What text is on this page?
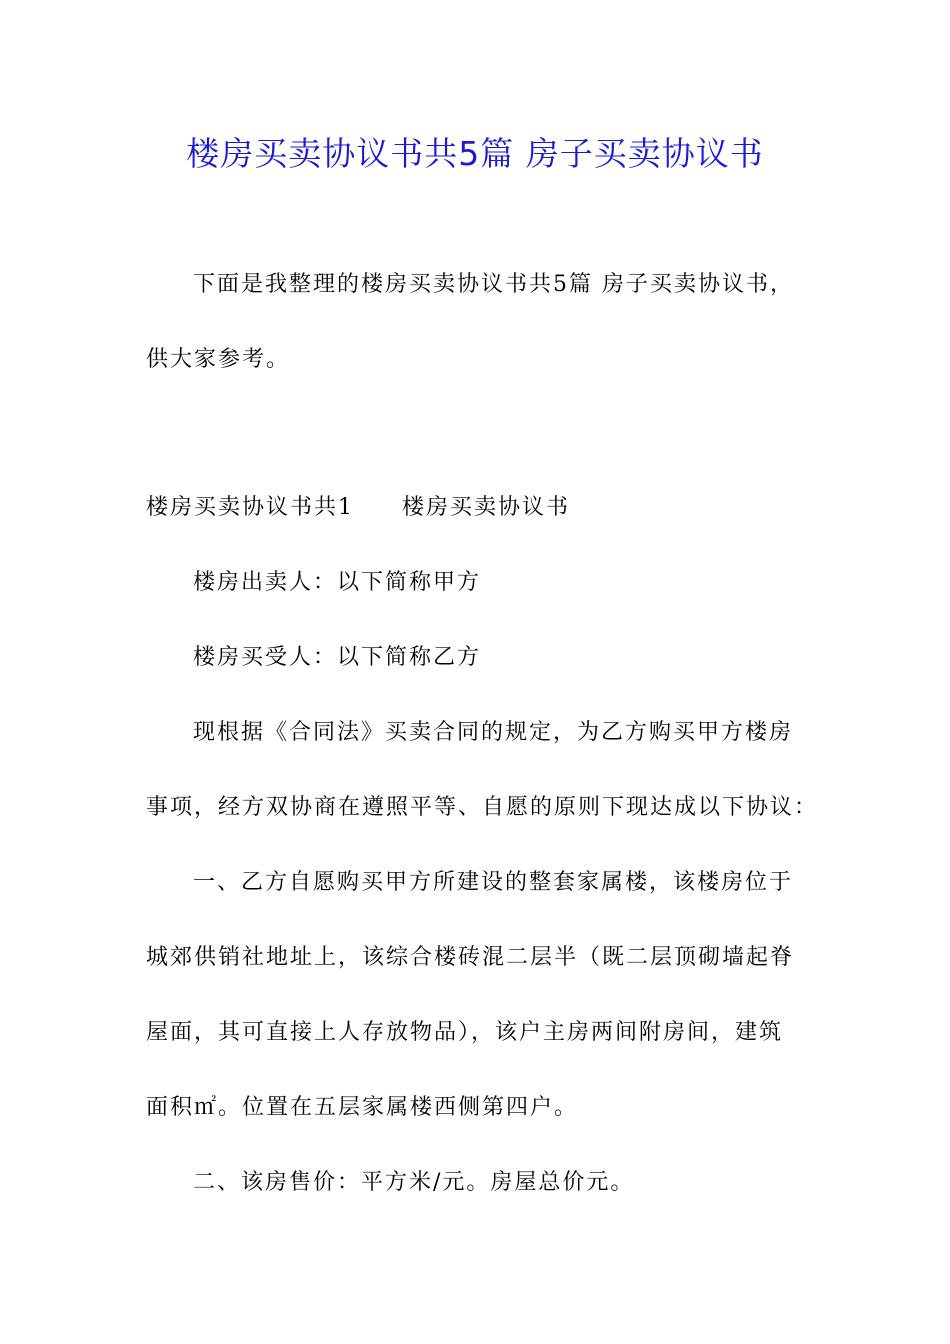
楼房买卖协议书共5篇 房子买卖协议书
下面是我整理的楼房买卖协议书共5篇 房子买卖协议书，
供大家参考。
楼房买卖协议书共1　　楼房买卖协议书
楼房出卖人：以下简称甲方
楼房买受人：以下简称乙方
现根据《合同法》买卖合同的规定，为乙方购买甲方楼房
事项，经方双协商在遵照平等、自愿的原则下现达成以下协议：
一、乙方自愿购买甲方所建设的整套家属楼，该楼房位于
城郊供销社地址上，该综合楼砖混二层半（既二层顶砌墙起脊
屋面，其可直接上人存放物品），该户主房两间附房间，建筑
面积㎡。位置在五层家属楼西侧第四户。
二、该房售价：平方米/元。房屋总价元。
